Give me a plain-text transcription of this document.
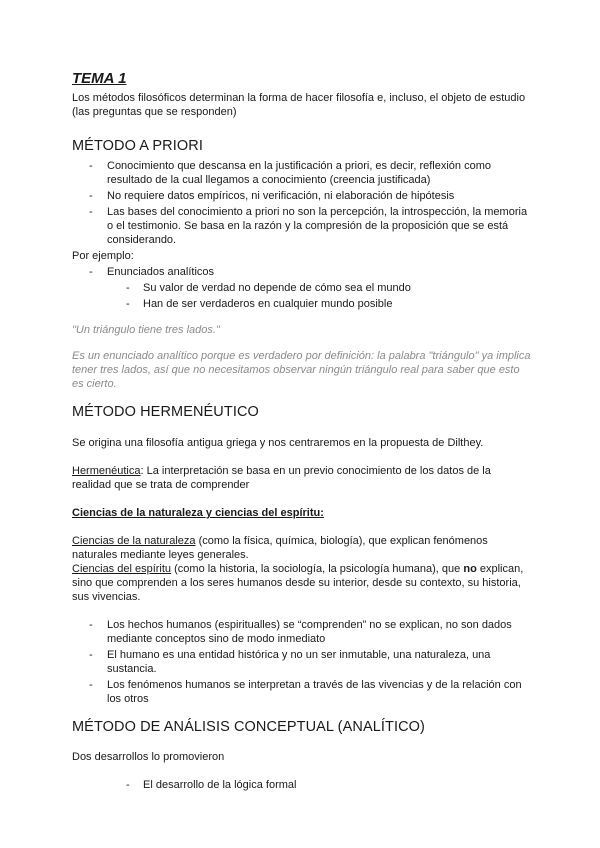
TEMA 1

Los métodos filosóficos determinan la forma de hacer filosofía e, incluso, el objeto de estudio (las preguntas que se responden)

MÉTODO A PRIORI
- Conocimiento que descansa en la justificación a priori, es decir, reflexión como resultado de la cual llegamos a conocimiento (creencia justificada)
- No requiere datos empíricos, ni verificación, ni elaboración de hipótesis
- Las bases del conocimiento a priori no son la percepción, la introspección, la memoria o el testimonio. Se basa en la razón y la compresión de la proposición que se está considerando.

Por ejemplo:

- Enunciados analíticos
- Su valor de verdad no depende de cómo sea el mundo
- Han de ser verdaderos en cualquier mundo posible

"Un triángulo tiene tres lados."

Es un enunciado analítico porque es verdadero por definición: la palabra "triángulo" ya implica tener tres lados, así que no necesitamos observar ningún triángulo real para saber que esto es cierto.

MÉTODO HERMENÉUTICO

Se origina una filosofía antigua griega y nos centraremos en la propuesta de Dilthey.

Hermenéutica: La interpretación se basa en un previo conocimiento de los datos de la realidad que se trata de comprender

Ciencias de la naturaleza y ciencias del espíritu:

Ciencias de la naturaleza (como la física, química, biología), que explican fenómenos naturales mediante leyes generales.

Ciencias del espíritu (como la historia, la sociología, la psicología humana), que no explican, sino que comprenden a los seres humanos desde su interior, desde su contexto, su historia, sus vivencias.

- Los hechos humanos (espiritualles) se “comprenden” no se explican, no son dados mediante conceptos sino de modo inmediato
- El humano es una entidad histórica y no un ser inmutable, una naturaleza, una sustancia.
- Los fenómenos humanos se interpretan a través de las vivencias y de la relación con los otros
MÉTODO DE ANÁLISIS CONCEPTUAL (ANALÍTICO)

Dos desarrollos lo promovieron

- El desarrollo de la lógica formal
